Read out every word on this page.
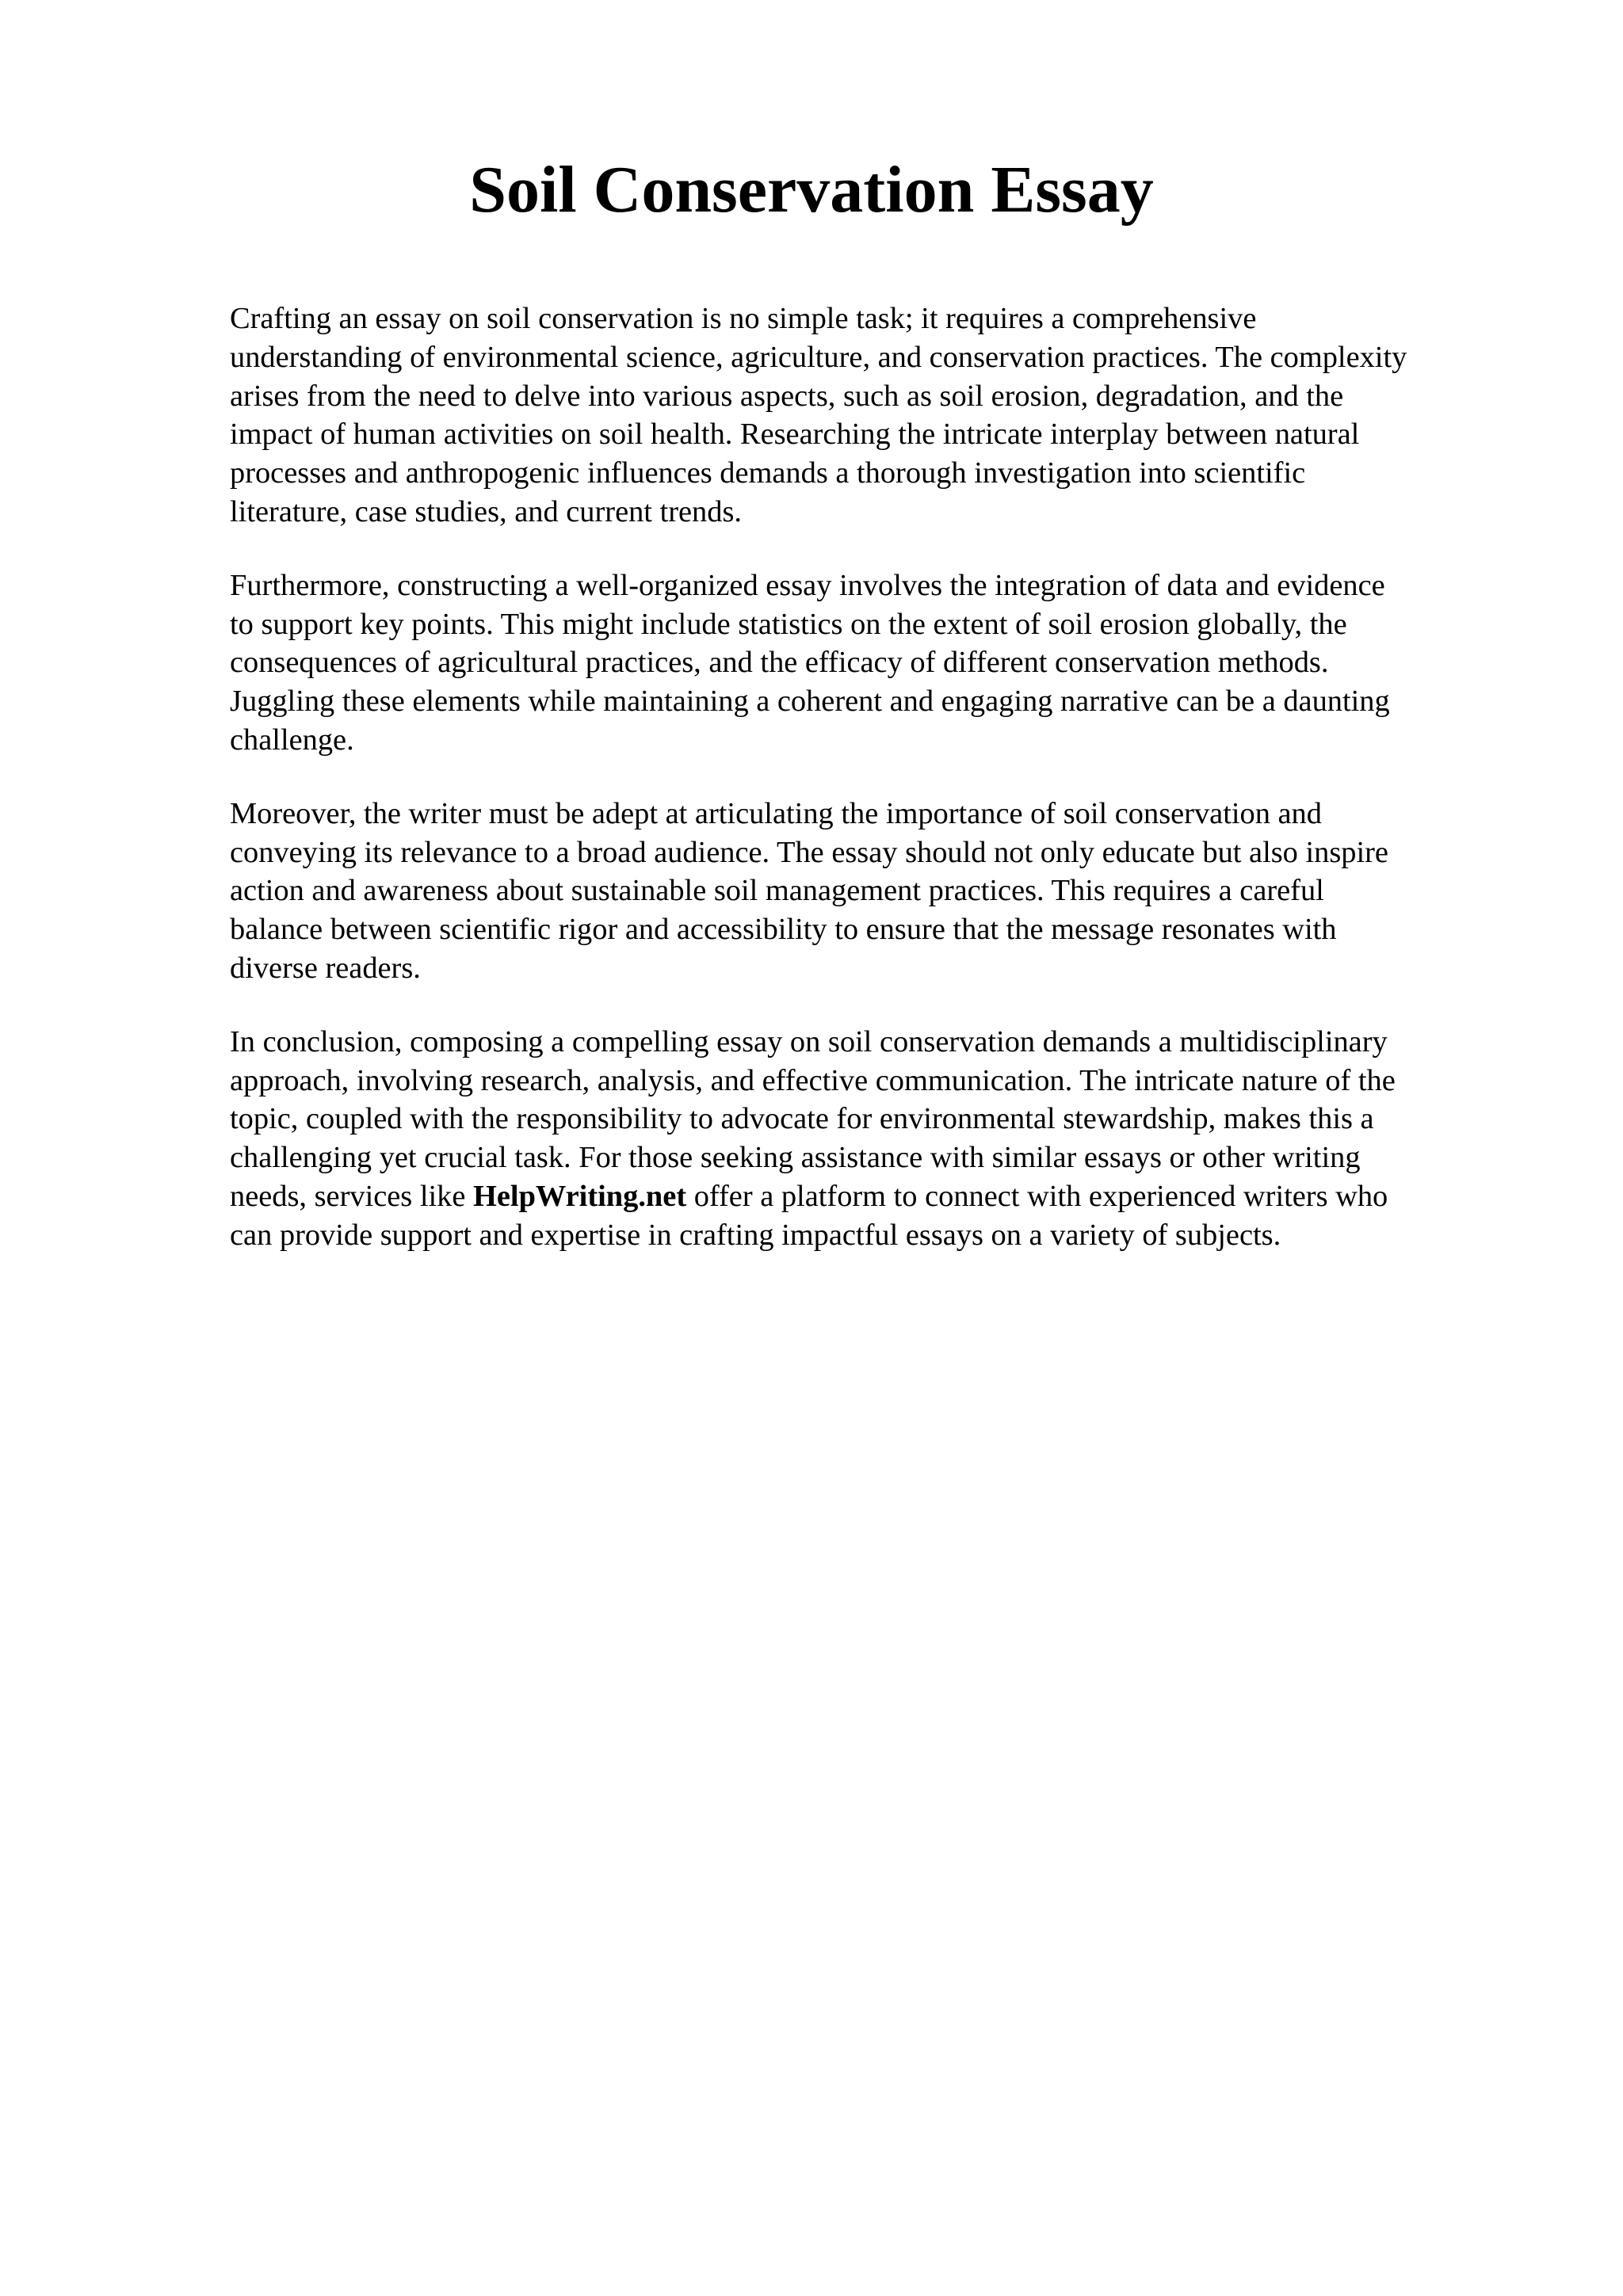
Soil Conservation Essay

Crafting an essay on soil conservation is no simple task; it requires a comprehensive
understanding of environmental science, agriculture, and conservation practices. The complexity
arises from the need to delve into various aspects, such as soil erosion, degradation, and the
impact of human activities on soil health. Researching the intricate interplay between natural
processes and anthropogenic influences demands a thorough investigation into scientific
literature, case studies, and current trends.

Furthermore, constructing a well-organized essay involves the integration of data and evidence
to support key points. This might include statistics on the extent of soil erosion globally, the
consequences of agricultural practices, and the efficacy of different conservation methods.
Juggling these elements while maintaining a coherent and engaging narrative can be a daunting
challenge.

Moreover, the writer must be adept at articulating the importance of soil conservation and
conveying its relevance to a broad audience. The essay should not only educate but also inspire
action and awareness about sustainable soil management practices. This requires a careful
balance between scientific rigor and accessibility to ensure that the message resonates with
diverse readers.

In conclusion, composing a compelling essay on soil conservation demands a multidisciplinary
approach, involving research, analysis, and effective communication. The intricate nature of the
topic, coupled with the responsibility to advocate for environmental stewardship, makes this a
challenging yet crucial task. For those seeking assistance with similar essays or other writing
needs, services like HelpWriting.net offer a platform to connect with experienced writers who
can provide support and expertise in crafting impactful essays on a variety of subjects.
